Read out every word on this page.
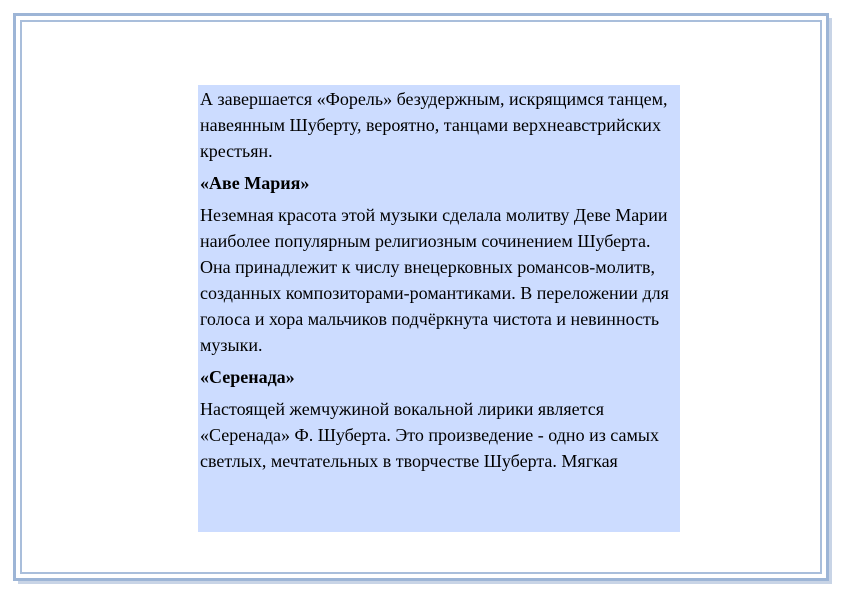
А завершается «Форель» безудержным, искрящимся танцем, навеянным Шуберту, вероятно, танцами верхнеавстрийских крестьян.

«Аве Мария»

Неземная красота этой музыки сделала молитву Деве Марии наиболее популярным религиозным сочинением Шуберта. Она принадлежит к числу внецерковных романсов-молитв, созданных композиторами-романтиками. В переложении для голоса и хора мальчиков подчёркнута чистота и невинность музыки.

«Серенада»

Настоящей жемчужиной вокальной лирики является «Серенада» Ф. Шуберта. Это произведение - одно из самых светлых, мечтательных в творчестве Шуберта. Мягкая
